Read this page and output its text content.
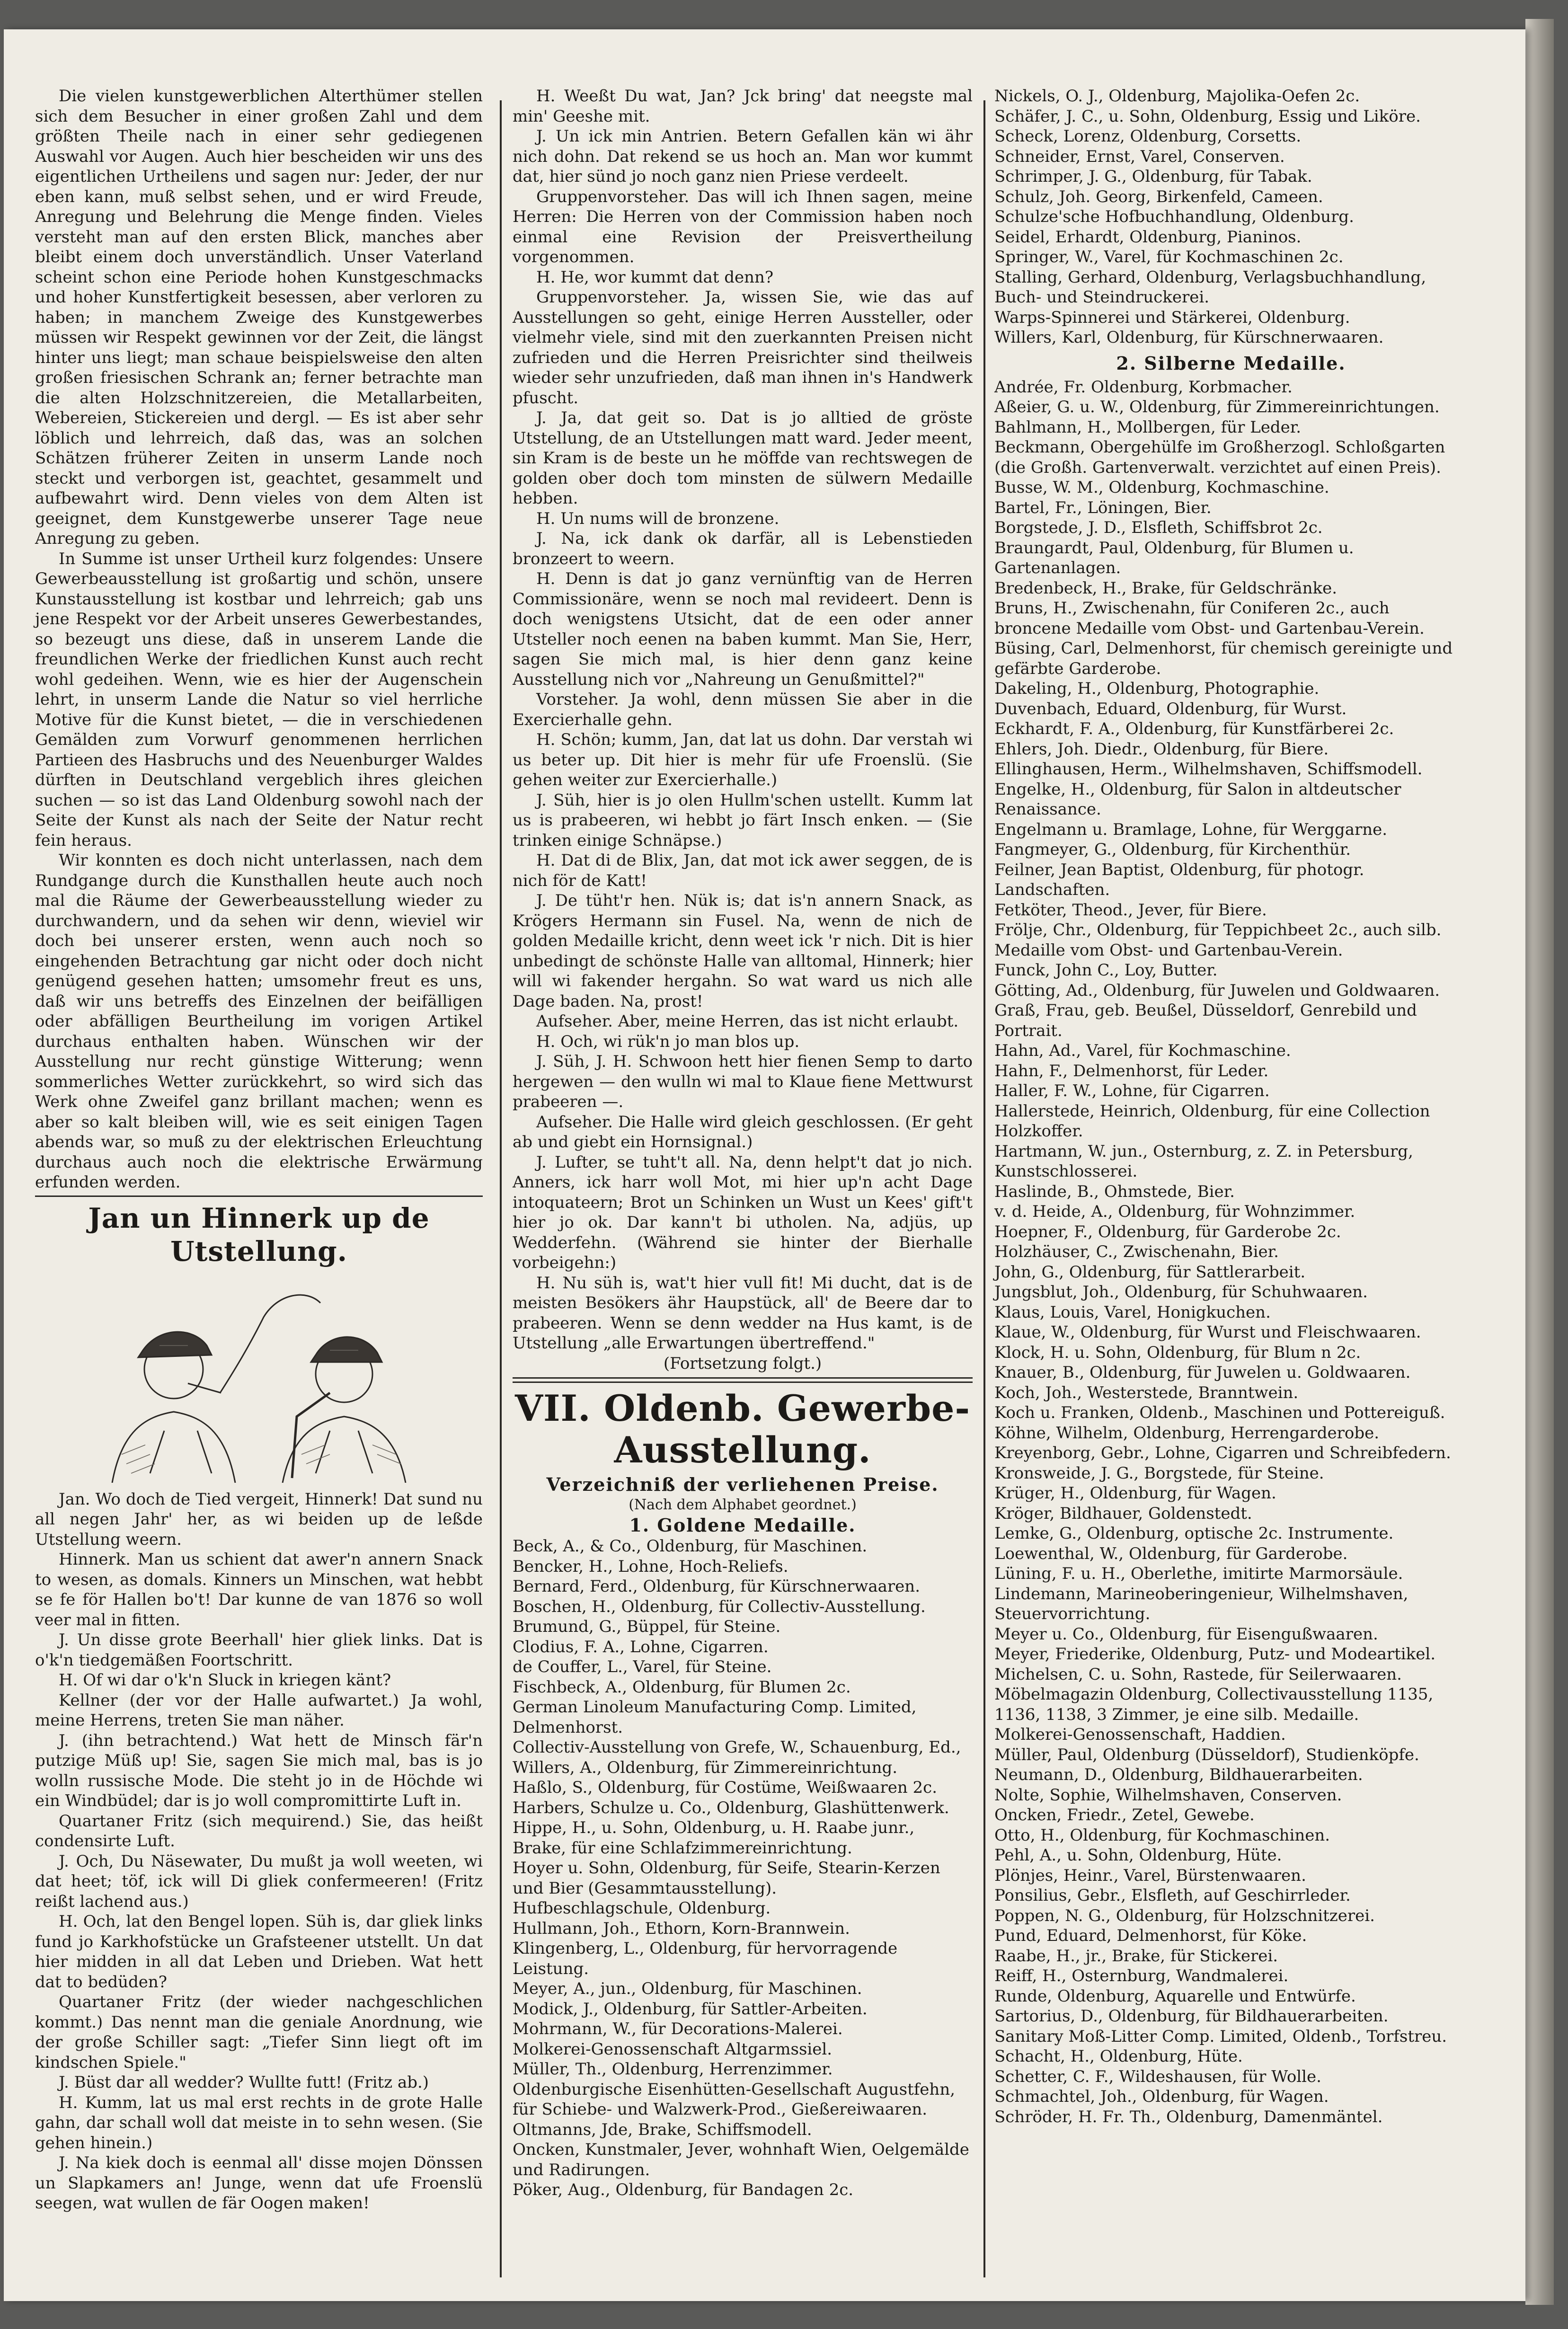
Die vielen kunstgewerblichen Alterthümer stellen sich dem Besucher in einer großen Zahl und dem größten Theile nach in einer sehr gediegenen Auswahl vor Augen. Auch hier bescheiden wir uns des eigentlichen Urtheilens und sagen nur: Jeder, der nur eben kann, muß selbst sehen, und er wird Freude, Anregung und Belehrung die Menge finden. Vieles versteht man auf den ersten Blick, manches aber bleibt einem doch unverständlich. Unser Vaterland scheint schon eine Periode hohen Kunstgeschmacks und hoher Kunstfertigkeit besessen, aber verloren zu haben; in manchem Zweige des Kunstgewerbes müssen wir Respekt gewinnen vor der Zeit, die längst hinter uns liegt; man schaue beispielsweise den alten großen friesischen Schrank an; ferner betrachte man die alten Holzschnitzereien, die Metallarbeiten, Webereien, Stickereien und dergl. — Es ist aber sehr löblich und lehrreich, daß das, was an solchen Schätzen früherer Zeiten in unserm Lande noch steckt und verborgen ist, geachtet, gesammelt und aufbewahrt wird. Denn vieles von dem Alten ist geeignet, dem Kunstgewerbe unserer Tage neue Anregung zu geben.

In Summe ist unser Urtheil kurz folgendes: Unsere Gewerbeausstellung ist großartig und schön, unsere Kunstausstellung ist kostbar und lehrreich; gab uns jene Respekt vor der Arbeit unseres Gewerbestandes, so bezeugt uns diese, daß in unserem Lande die freundlichen Werke der friedlichen Kunst auch recht wohl gedeihen. Wenn, wie es hier der Augenschein lehrt, in unserm Lande die Natur so viel herrliche Motive für die Kunst bietet, — die in verschiedenen Gemälden zum Vorwurf genommenen herrlichen Partieen des Hasbruchs und des Neuenburger Waldes dürften in Deutschland vergeblich ihres gleichen suchen — so ist das Land Oldenburg sowohl nach der Seite der Kunst als nach der Seite der Natur recht fein heraus.

Wir konnten es doch nicht unterlassen, nach dem Rundgange durch die Kunsthallen heute auch noch mal die Räume der Gewerbeausstellung wieder zu durchwandern, und da sehen wir denn, wieviel wir doch bei unserer ersten, wenn auch noch so eingehenden Betrachtung gar nicht oder doch nicht genügend gesehen hatten; umsomehr freut es uns, daß wir uns betreffs des Einzelnen der beifälligen oder abfälligen Beurtheilung im vorigen Artikel durchaus enthalten haben. Wünschen wir der Ausstellung nur recht günstige Witterung; wenn sommerliches Wetter zurückkehrt, so wird sich das Werk ohne Zweifel ganz brillant machen; wenn es aber so kalt bleiben will, wie es seit einigen Tagen abends war, so muß zu der elektrischen Erleuchtung durchaus auch noch die elektrische Erwärmung erfunden werden.

Jan un Hinnerk up de Utstellung.

Jan. Wo doch de Tied vergeit, Hinnerk! Dat sund nu all negen Jahr' her, as wi beiden up de leßde Utstellung weern.

Hinnerk. Man us schient dat awer'n annern Snack to wesen, as domals. Kinners un Minschen, wat hebbt se fe för Hallen bo't! Dar kunne de van 1876 so woll veer mal in fitten.

J. Un disse grote Beerhall' hier gliek links. Dat is o'k'n tiedgemäßen Foortschritt.

H. Of wi dar o'k'n Sluck in kriegen känt?

Kellner (der vor der Halle aufwartet.) Ja wohl, meine Herrens, treten Sie man näher.

J. (ihn betrachtend.) Wat hett de Minsch fär'n putzige Müß up! Sie, sagen Sie mich mal, bas is jo wolln russische Mode. Die steht jo in de Höchde wi ein Windbüdel; dar is jo woll compromittirte Luft in.

Quartaner Fritz (sich mequirend.) Sie, das heißt condensirte Luft.

J. Och, Du Näsewater, Du mußt ja woll weeten, wi dat heet; töf, ick will Di gliek confermeeren! (Fritz reißt lachend aus.)

H. Och, lat den Bengel lopen. Süh is, dar gliek links fund jo Karkhofstücke un Grafsteener utstellt. Un dat hier midden in all dat Leben und Drieben. Wat hett dat to bedüden?

Quartaner Fritz (der wieder nachgeschlichen kommt.) Das nennt man die geniale Anordnung, wie der große Schiller sagt: „Tiefer Sinn liegt oft im kindschen Spiele."

J. Büst dar all wedder? Wullte futt! (Fritz ab.)

H. Kumm, lat us mal erst rechts in de grote Halle gahn, dar schall woll dat meiste in to sehn wesen. (Sie gehen hinein.)

J. Na kiek doch is eenmal all' disse mojen Dönssen un Slapkamers an! Junge, wenn dat ufe Froenslü seegen, wat wullen de fär Oogen maken!

H. Weeßt Du wat, Jan? Jck bring' dat neegste mal min' Geeshe mit.

J. Un ick min Antrien. Betern Gefallen kän wi ähr nich dohn. Dat rekend se us hoch an. Man wor kummt dat, hier sünd jo noch ganz nien Priese verdeelt.

Gruppenvorsteher. Das will ich Ihnen sagen, meine Herren: Die Herren von der Commission haben noch einmal eine Revision der Preisvertheilung vorgenommen.

H. He, wor kummt dat denn?

Gruppenvorsteher. Ja, wissen Sie, wie das auf Ausstellungen so geht, einige Herren Aussteller, oder vielmehr viele, sind mit den zuerkannten Preisen nicht zufrieden und die Herren Preisrichter sind theilweis wieder sehr unzufrieden, daß man ihnen in's Handwerk pfuscht.

J. Ja, dat geit so. Dat is jo alltied de gröste Utstellung, de an Utstellungen matt ward. Jeder meent, sin Kram is de beste un he möffde van rechtswegen de golden ober doch tom minsten de sülwern Medaille hebben.

H. Un nums will de bronzene.

J. Na, ick dank ok darfär, all is Lebenstieden bronzeert to weern.

H. Denn is dat jo ganz vernünftig van de Herren Commissionäre, wenn se noch mal revideert. Denn is doch wenigstens Utsicht, dat de een oder anner Utsteller noch eenen na baben kummt. Man Sie, Herr, sagen Sie mich mal, is hier denn ganz keine Ausstellung nich vor „Nahreung un Genußmittel?"

Vorsteher. Ja wohl, denn müssen Sie aber in die Exercierhalle gehn.

H. Schön; kumm, Jan, dat lat us dohn. Dar verstah wi us beter up. Dit hier is mehr für ufe Froenslü. (Sie gehen weiter zur Exercierhalle.)

J. Süh, hier is jo olen Hullm'schen ustellt. Kumm lat us is prabeeren, wi hebbt jo färt Insch enken. — (Sie trinken einige Schnäpse.)

H. Dat di de Blix, Jan, dat mot ick awer seggen, de is nich för de Katt!

J. De tüht'r hen. Nük is; dat is'n annern Snack, as Krögers Hermann sin Fusel. Na, wenn de nich de golden Medaille kricht, denn weet ick 'r nich. Dit is hier unbedingt de schönste Halle van alltomal, Hinnerk; hier will wi fakender hergahn. So wat ward us nich alle Dage baden. Na, prost!

Aufseher. Aber, meine Herren, das ist nicht erlaubt.

H. Och, wi rük'n jo man blos up.

J. Süh, J. H. Schwoon hett hier fienen Semp to darto hergewen — den wulln wi mal to Klaue fiene Mettwurst prabeeren —.

Aufseher. Die Halle wird gleich geschlossen. (Er geht ab und giebt ein Hornsignal.)

J. Lufter, se tuht't all. Na, denn helpt't dat jo nich. Anners, ick harr woll Mot, mi hier up'n acht Dage intoquateern; Brot un Schinken un Wust un Kees' gift't hier jo ok. Dar kann't bi utholen. Na, adjüs, up Wedderfehn. (Während sie hinter der Bierhalle vorbeigehn:)

H. Nu süh is, wat't hier vull fit! Mi ducht, dat is de meisten Besökers ähr Haupstück, all' de Beere dar to prabeeren. Wenn se denn wedder na Hus kamt, is de Utstellung „alle Erwartungen übertreffend."

(Fortsetzung folgt.)

VII. Oldenb. Gewerbe-Ausstellung.
Verzeichniß der verliehenen Preise.
(Nach dem Alphabet geordnet.)
1. Goldene Medaille.

Beck, A., & Co., Oldenburg, für Maschinen.

Bencker, H., Lohne, Hoch-Reliefs.

Bernard, Ferd., Oldenburg, für Kürschnerwaaren.

Boschen, H., Oldenburg, für Collectiv-Ausstellung.

Brumund, G., Büppel, für Steine.

Clodius, F. A., Lohne, Cigarren.

de Couffer, L., Varel, für Steine.

Fischbeck, A., Oldenburg, für Blumen 2c.

German Linoleum Manufacturing Comp. Limited, Delmenhorst.

Collectiv-Ausstellung von Grefe, W., Schauenburg, Ed., Willers, A., Oldenburg, für Zimmereinrichtung.

Haßlo, S., Oldenburg, für Costüme, Weißwaaren 2c.

Harbers, Schulze u. Co., Oldenburg, Glashüttenwerk.

Hippe, H., u. Sohn, Oldenburg, u. H. Raabe junr., Brake, für eine Schlafzimmereinrichtung.

Hoyer u. Sohn, Oldenburg, für Seife, Stearin-Kerzen und Bier (Gesammtausstellung).

Hufbeschlagschule, Oldenburg.

Hullmann, Joh., Ethorn, Korn-Brannwein.

Klingenberg, L., Oldenburg, für hervorragende Leistung.

Meyer, A., jun., Oldenburg, für Maschinen.

Modick, J., Oldenburg, für Sattler-Arbeiten.

Mohrmann, W., für Decorations-Malerei.

Molkerei-Genossenschaft Altgarmssiel.

Müller, Th., Oldenburg, Herrenzimmer.

Oldenburgische Eisenhütten-Gesellschaft Augustfehn, für Schiebe- und Walzwerk-Prod., Gießereiwaaren.

Oltmanns, Jde, Brake, Schiffsmodell.

Oncken, Kunstmaler, Jever, wohnhaft Wien, Oelgemälde und Radirungen.

Pöker, Aug., Oldenburg, für Bandagen 2c.

Nickels, O. J., Oldenburg, Majolika-Oefen 2c.

Schäfer, J. C., u. Sohn, Oldenburg, Essig und Liköre.

Scheck, Lorenz, Oldenburg, Corsetts.

Schneider, Ernst, Varel, Conserven.

Schrimper, J. G., Oldenburg, für Tabak.

Schulz, Joh. Georg, Birkenfeld, Cameen.

Schulze'sche Hofbuchhandlung, Oldenburg.

Seidel, Erhardt, Oldenburg, Pianinos.

Springer, W., Varel, für Kochmaschinen 2c.

Stalling, Gerhard, Oldenburg, Verlagsbuchhandlung, Buch- und Steindruckerei.

Warps-Spinnerei und Stärkerei, Oldenburg.

Willers, Karl, Oldenburg, für Kürschnerwaaren.

2. Silberne Medaille.

Andrée, Fr. Oldenburg, Korbmacher.

Aßeier, G. u. W., Oldenburg, für Zimmereinrichtungen.

Bahlmann, H., Mollbergen, für Leder.

Beckmann, Obergehülfe im Großherzogl. Schloßgarten (die Großh. Gartenverwalt. verzichtet auf einen Preis).

Busse, W. M., Oldenburg, Kochmaschine.

Bartel, Fr., Löningen, Bier.

Borgstede, J. D., Elsfleth, Schiffsbrot 2c.

Braungardt, Paul, Oldenburg, für Blumen u. Gartenanlagen.

Bredenbeck, H., Brake, für Geldschränke.

Bruns, H., Zwischenahn, für Coniferen 2c., auch broncene Medaille vom Obst- und Gartenbau-Verein.

Büsing, Carl, Delmenhorst, für chemisch gereinigte und gefärbte Garderobe.

Dakeling, H., Oldenburg, Photographie.

Duvenbach, Eduard, Oldenburg, für Wurst.

Eckhardt, F. A., Oldenburg, für Kunstfärberei 2c.

Ehlers, Joh. Diedr., Oldenburg, für Biere.

Ellinghausen, Herm., Wilhelmshaven, Schiffsmodell.

Engelke, H., Oldenburg, für Salon in altdeutscher Renaissance.

Engelmann u. Bramlage, Lohne, für Werggarne.

Fangmeyer, G., Oldenburg, für Kirchenthür.

Feilner, Jean Baptist, Oldenburg, für photogr. Landschaften.

Fetköter, Theod., Jever, für Biere.

Frölje, Chr., Oldenburg, für Teppichbeet 2c., auch silb. Medaille vom Obst- und Gartenbau-Verein.

Funck, John C., Loy, Butter.

Götting, Ad., Oldenburg, für Juwelen und Goldwaaren.

Graß, Frau, geb. Beußel, Düsseldorf, Genrebild und Portrait.

Hahn, Ad., Varel, für Kochmaschine.

Hahn, F., Delmenhorst, für Leder.

Haller, F. W., Lohne, für Cigarren.

Hallerstede, Heinrich, Oldenburg, für eine Collection Holzkoffer.

Hartmann, W. jun., Osternburg, z. Z. in Petersburg, Kunstschlosserei.

Haslinde, B., Ohmstede, Bier.

v. d. Heide, A., Oldenburg, für Wohnzimmer.

Hoepner, F., Oldenburg, für Garderobe 2c.

Holzhäuser, C., Zwischenahn, Bier.

John, G., Oldenburg, für Sattlerarbeit.

Jungsblut, Joh., Oldenburg, für Schuhwaaren.

Klaus, Louis, Varel, Honigkuchen.

Klaue, W., Oldenburg, für Wurst und Fleischwaaren.

Klock, H. u. Sohn, Oldenburg, für Blum n 2c.

Knauer, B., Oldenburg, für Juwelen u. Goldwaaren.

Koch, Joh., Westerstede, Branntwein.

Koch u. Franken, Oldenb., Maschinen und Pottereiguß.

Köhne, Wilhelm, Oldenburg, Herrengarderobe.

Kreyenborg, Gebr., Lohne, Cigarren und Schreibfedern.

Kronsweide, J. G., Borgstede, für Steine.

Krüger, H., Oldenburg, für Wagen.

Kröger, Bildhauer, Goldenstedt.

Lemke, G., Oldenburg, optische 2c. Instrumente.

Loewenthal, W., Oldenburg, für Garderobe.

Lüning, F. u. H., Oberlethe, imitirte Marmorsäule.

Lindemann, Marineoberingenieur, Wilhelmshaven, Steuervorrichtung.

Meyer u. Co., Oldenburg, für Eisengußwaaren.

Meyer, Friederike, Oldenburg, Putz- und Modeartikel.

Michelsen, C. u. Sohn, Rastede, für Seilerwaaren.

Möbelmagazin Oldenburg, Collectivausstellung 1135, 1136, 1138, 3 Zimmer, je eine silb. Medaille.

Molkerei-Genossenschaft, Haddien.

Müller, Paul, Oldenburg (Düsseldorf), Studienköpfe.

Neumann, D., Oldenburg, Bildhauerarbeiten.

Nolte, Sophie, Wilhelmshaven, Conserven.

Oncken, Friedr., Zetel, Gewebe.

Otto, H., Oldenburg, für Kochmaschinen.

Pehl, A., u. Sohn, Oldenburg, Hüte.

Plönjes, Heinr., Varel, Bürstenwaaren.

Ponsilius, Gebr., Elsfleth, auf Geschirrleder.

Poppen, N. G., Oldenburg, für Holzschnitzerei.

Pund, Eduard, Delmenhorst, für Köke.

Raabe, H., jr., Brake, für Stickerei.

Reiff, H., Osternburg, Wandmalerei.

Runde, Oldenburg, Aquarelle und Entwürfe.

Sartorius, D., Oldenburg, für Bildhauerarbeiten.

Sanitary Moß-Litter Comp. Limited, Oldenb., Torfstreu.

Schacht, H., Oldenburg, Hüte.

Schetter, C. F., Wildeshausen, für Wolle.

Schmachtel, Joh., Oldenburg, für Wagen.

Schröder, H. Fr. Th., Oldenburg, Damenmäntel.
